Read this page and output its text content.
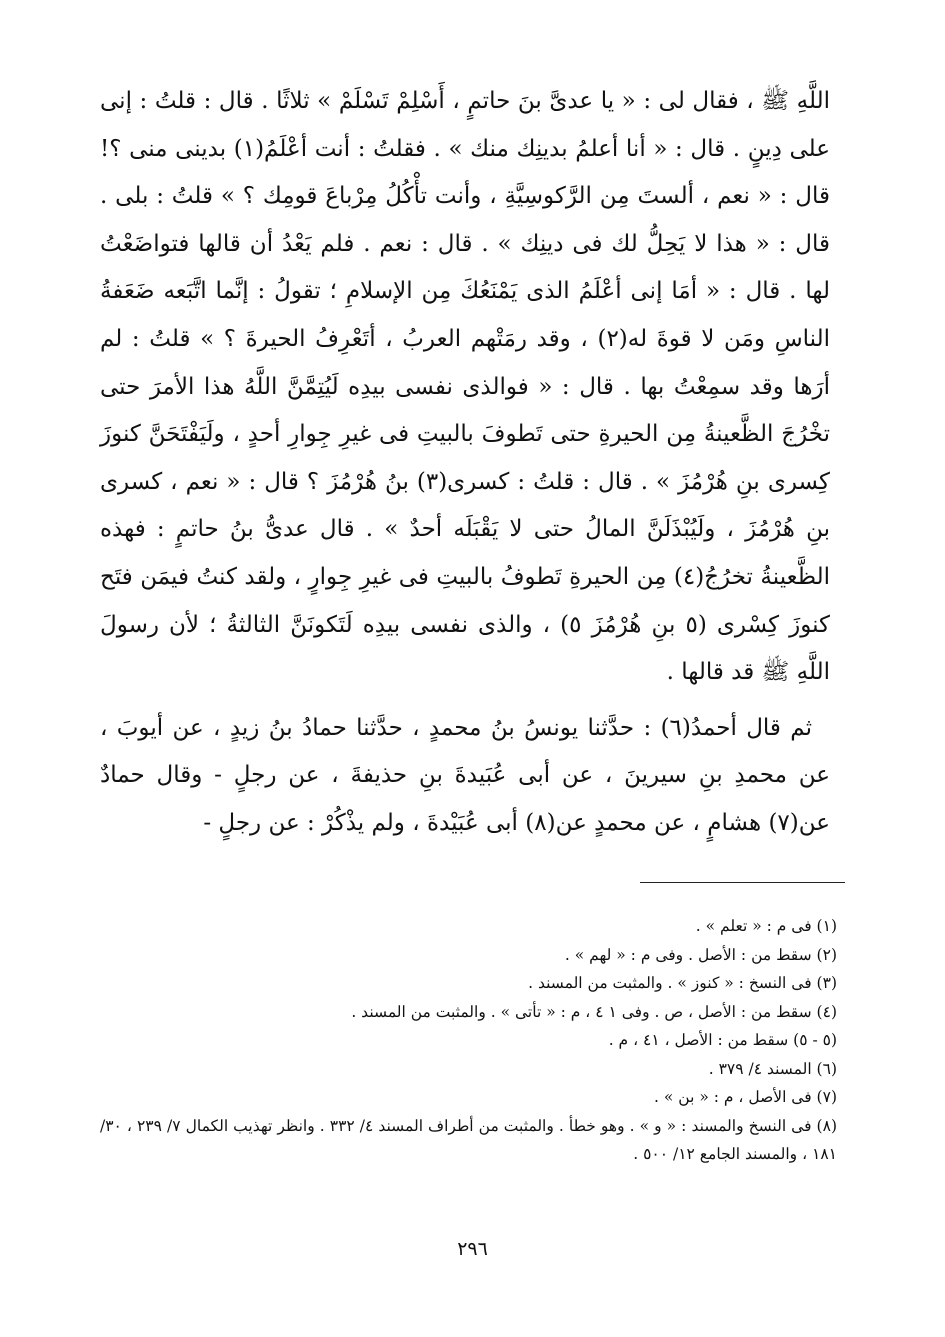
اللَّهِ ﷺ ، فقال لى : « يا عدىَّ بنَ حاتمٍ ، أَسْلِمْ تَسْلَمْ » ثلاثًا . قال : قلتُ : إنى على دِينٍ . قال : « أنا أعلمُ بدينِك منك » . فقلتُ : أنت أعْلَمُ(١) بدينى منى ؟! قال : « نعم ، ألستَ مِن الرَّكوسِيَّةِ ، وأنت تأْكُلُ مِرْباعَ قومِك ؟ » قلتُ : بلى . قال : « هذا لا يَحِلُّ لك فى دينِك » . قال : نعم . فلم يَعْدُ أن قالها فتواضَعْتُ لها . قال : « أمَا إنى أعْلَمُ الذى يَمْنَعُكَ مِن الإسلامِ ؛ تقولُ : إنَّما اتَّبَعه ضَعَفةُ الناسِ ومَن لا قوةَ له(٢) ، وقد رمَتْهم العربُ ، أتَعْرِفُ الحيرةَ ؟ » قلتُ : لم أرَها وقد سمِعْتُ بها . قال : « فوالذى نفسى بيدِه لَيُتِمَّنَّ اللَّهُ هذا الأمرَ حتى تخْرُجَ الظَّعينةُ مِن الحيرةِ حتى تَطوفَ بالبيتِ فى غيرِ جِوارِ أحدٍ ، ولَيَفْتَحَنَّ كنوزَ كِسرى بنِ هُرْمُزَ » . قال : قلتُ : كسرى(٣) بنُ هُرْمُزَ ؟ قال : « نعم ، كسرى بنِ هُرْمُزَ ، ولَيُبْذَلَنَّ المالُ حتى لا يَقْبَلَه أحدٌ » . قال عدىُّ بنُ حاتمٍ : فهذه الظَّعينةُ تخرُجُ(٤) مِن الحيرةِ تَطوفُ بالبيتِ فى غيرِ جِوارٍ ، ولقد كنتُ فيمَن فتَح كنوزَ كِسْرى (٥ بنِ هُرْمُزَ ٥) ، والذى نفسى بيدِه لَتَكونَنَّ الثالثةُ ؛ لأن رسولَ اللَّهِ ﷺ قد قالها .

ثم قال أحمدُ(٦) : حدَّثنا يونسُ بنُ محمدٍ ، حدَّثنا حمادُ بنُ زيدٍ ، عن أيوبَ ، عن محمدِ بنِ سيرينَ ، عن أبى عُبَيدةَ بنِ حذيفةَ ، عن رجلٍ - وقال حمادٌ عن(٧) هشامٍ ، عن محمدٍ عن(٨) أبى عُبَيْدةَ ، ولم يذْكُرْ : عن رجلٍ -

(١) فى م : « تعلم » .

(٢) سقط من : الأصل . وفى م : « لهم » .

(٣) فى النسخ : « كنوز » . والمثبت من المسند .

(٤) سقط من : الأصل ، ص . وفى ١ ٤ ، م : « تأتى » . والمثبت من المسند .

(٥ - ٥) سقط من : الأصل ، ٤١ ، م .

(٦) المسند ٤/ ٣٧٩ .

(٧) فى الأصل ، م : « بن » .

(٨) فى النسخ والمسند : « و » . وهو خطأ . والمثبت من أطراف المسند ٤/ ٣٣٢ . وانظر تهذيب الكمال ٧/ ٢٣٩ ، ٣٠/ ١٨١ ، والمسند الجامع ١٢/ ٥٠٠ .

٢٩٦
